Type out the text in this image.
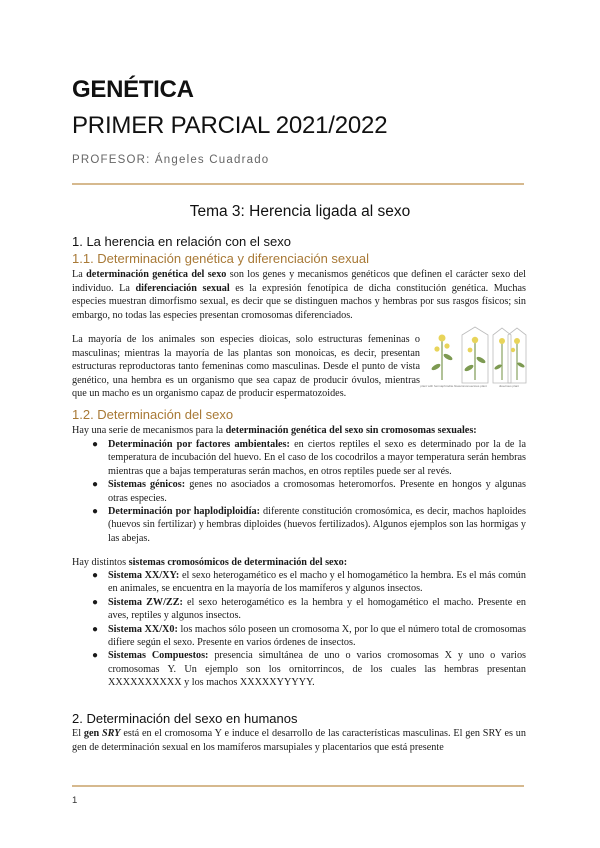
GENÉTICA
PRIMER PARCIAL 2021/2022
PROFESOR: Ángeles Cuadrado
Tema 3: Herencia ligada al sexo
1. La herencia en relación con el sexo
1.1. Determinación genética y diferenciación sexual
La determinación genética del sexo son los genes y mecanismos genéticos que definen el carácter sexo del individuo. La diferenciación sexual es la expresión fenotípica de dicha constitución genética. Muchas especies muestran dimorfismo sexual, es decir que se distinguen machos y hembras por sus rasgos físicos; sin embargo, no todas las especies presentan cromosomas diferenciados.
La mayoría de los animales son especies dioicas, solo estructuras femeninas o masculinas; mientras la mayoría de las plantas son monoicas, es decir, presentan estructuras reproductoras tanto femeninas como masculinas. Desde el punto de vista genético, una hembra es un organismo que sea capaz de producir óvulos, mientras que un macho es un organismo capaz de producir espermatozoides.
plant with hermaphrodite flowers monoecious plant	dioecious plant
1.2. Determinación del sexo
Hay una serie de mecanismos para la determinación genética del sexo sin cromosomas sexuales:
● Determinación por factores ambientales: en ciertos reptiles el sexo es determinado por la de la temperatura de incubación del huevo. En el caso de los cocodrilos a mayor temperatura serán hembras mientras que a bajas temperaturas serán machos, en otros reptiles puede ser al revés.
● Sistemas génicos: genes no asociados a cromosomas heteromorfos. Presente en hongos y algunas otras especies.
● Determinación por haplodiploidía: diferente constitución cromosómica, es decir, machos haploides (huevos sin fertilizar) y hembras diploides (huevos fertilizados). Algunos ejemplos son las hormigas y las abejas.
Hay distintos sistemas cromosómicos de determinación del sexo:
● Sistema XX/XY: el sexo heterogamético es el macho y el homogamético la hembra. Es el más común en animales, se encuentra en la mayoría de los mamíferos y algunos insectos.
● Sistema ZW/ZZ: el sexo heterogamético es la hembra y el homogamético el macho. Presente en aves, reptiles y algunos insectos.
● Sistema XX/X0: los machos sólo poseen un cromosoma X, por lo que el número total de cromosomas difiere según el sexo. Presente en varios órdenes de insectos.
● Sistemas Compuestos: presencia simultánea de uno o varios cromosomas X y uno o varios cromosomas Y. Un ejemplo son los ornitorrincos, de los cuales las hembras presentan XXXXXXXXXX y los machos XXXXXYYYYY.
2. Determinación del sexo en humanos
El gen SRY está en el cromosoma Y e induce el desarrollo de las características masculinas. El gen SRY es un gen de determinación sexual en los mamíferos marsupiales y placentarios que está presente
1
